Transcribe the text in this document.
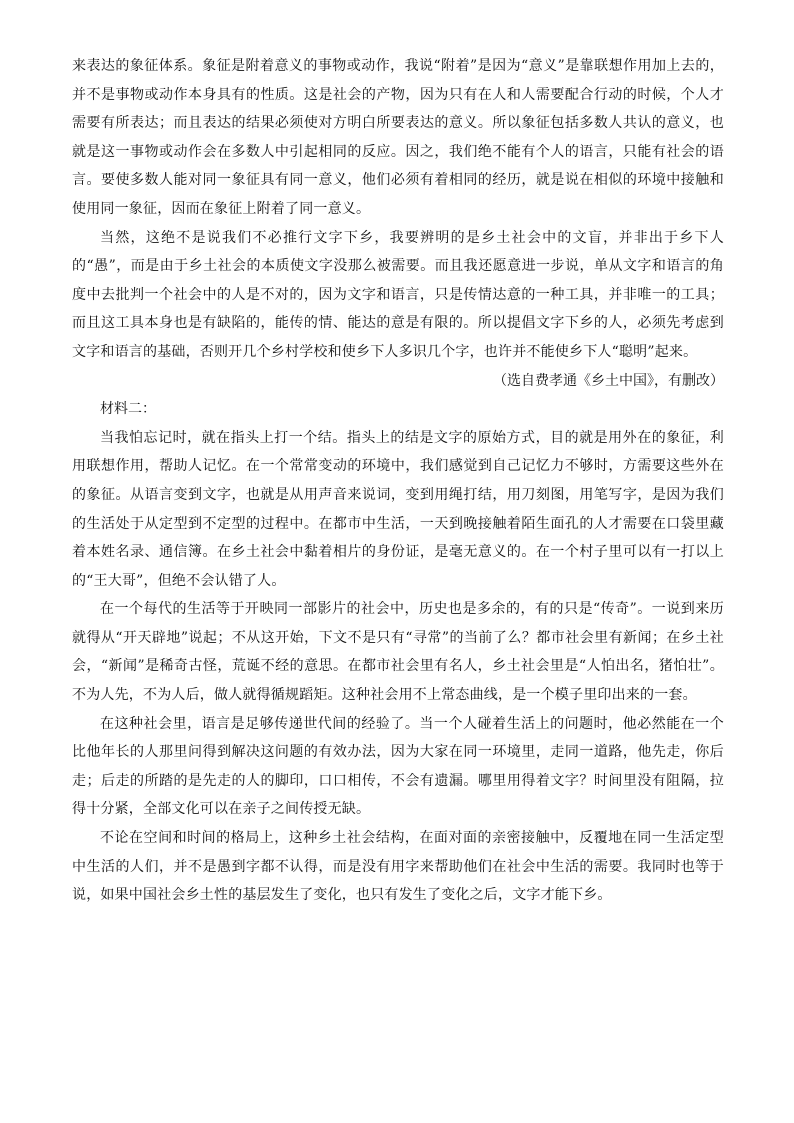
来表达的象征体系。象征是附着意义的事物或动作，我说“附着”是因为“意义”是靠联想作用加上去的，并不是事物或动作本身具有的性质。这是社会的产物，因为只有在人和人需要配合行动的时候，个人才需要有所表达；而且表达的结果必须使对方明白所要表达的意义。所以象征包括多数人共认的意义，也就是这一事物或动作会在多数人中引起相同的反应。因之，我们绝不能有个人的语言，只能有社会的语言。要使多数人能对同一象征具有同一意义，他们必须有着相同的经历，就是说在相似的环境中接触和使用同一象征，因而在象征上附着了同一意义。

当然，这绝不是说我们不必推行文字下乡，我要辨明的是乡土社会中的文盲，并非出于乡下人的“愚”，而是由于乡土社会的本质使文字没那么被需要。而且我还愿意进一步说，单从文字和语言的角度中去批判一个社会中的人是不对的，因为文字和语言，只是传情达意的一种工具，并非唯一的工具；而且这工具本身也是有缺陷的，能传的情、能达的意是有限的。所以提倡文字下乡的人，必须先考虑到文字和语言的基础，否则开几个乡村学校和使乡下人多识几个字，也许并不能使乡下人“聪明”起来。

（选自费孝通《乡土中国》，有删改）

材料二：

当我怕忘记时，就在指头上打一个结。指头上的结是文字的原始方式，目的就是用外在的象征，利用联想作用，帮助人记忆。在一个常常变动的环境中，我们感觉到自己记忆力不够时，方需要这些外在的象征。从语言变到文字，也就是从用声音来说词，变到用绳打结，用刀刻图，用笔写字，是因为我们的生活处于从定型到不定型的过程中。在都市中生活，一天到晚接触着陌生面孔的人才需要在口袋里藏着本姓名录、通信簿。在乡土社会中黏着相片的身份证，是毫无意义的。在一个村子里可以有一打以上的“王大哥”，但绝不会认错了人。

在一个每代的生活等于开映同一部影片的社会中，历史也是多余的，有的只是“传奇”。一说到来历就得从“开天辟地”说起；不从这开始，下文不是只有“寻常”的当前了么？都市社会里有新闻；在乡土社会，“新闻”是稀奇古怪，荒诞不经的意思。在都市社会里有名人，乡土社会里是“人怕出名，猪怕壮”。不为人先，不为人后，做人就得循规蹈矩。这种社会用不上常态曲线，是一个模子里印出来的一套。

在这种社会里，语言是足够传递世代间的经验了。当一个人碰着生活上的问题时，他必然能在一个比他年长的人那里问得到解决这问题的有效办法，因为大家在同一环境里，走同一道路，他先走，你后走；后走的所踏的是先走的人的脚印，口口相传，不会有遗漏。哪里用得着文字？时间里没有阻隔，拉得十分紧，全部文化可以在亲子之间传授无缺。

不论在空间和时间的格局上，这种乡土社会结构，在面对面的亲密接触中，反覆地在同一生活定型中生活的人们，并不是愚到字都不认得，而是没有用字来帮助他们在社会中生活的需要。我同时也等于说，如果中国社会乡土性的基层发生了变化，也只有发生了变化之后，文字才能下乡。
